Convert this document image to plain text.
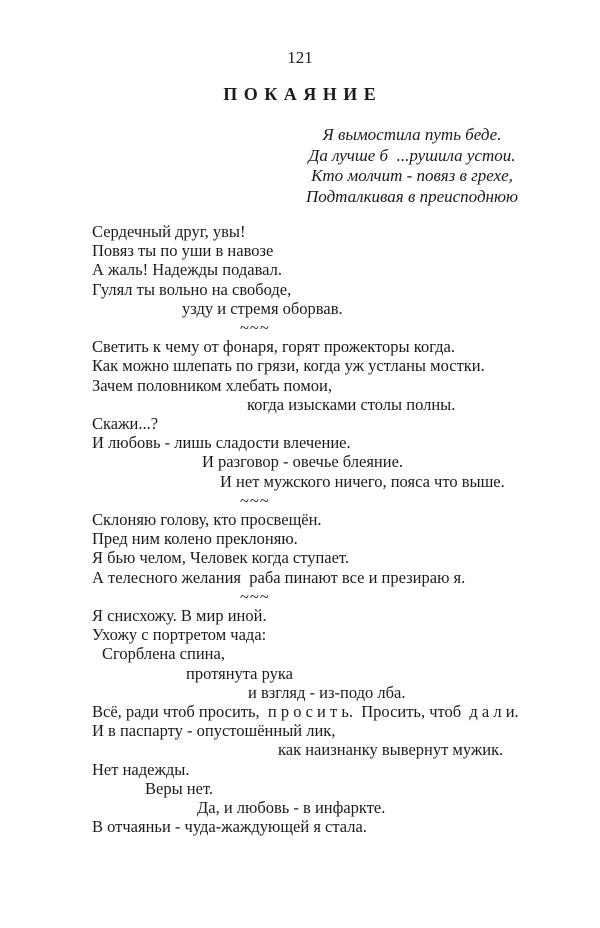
121
П О К А Я Н И Е
Я вымостила путь беде.
Да лучше б  ...рушила устои.
Кто молчит - повяз в грехе,
Подталкивая в преисподнюю
Сердечный друг, увы!
Повяз ты по уши в навозе
А жаль! Надежды подавал.
Гулял ты вольно на свободе,
узду и стремя оборвав.
~~~
Светить к чему от фонаря, горят прожекторы когда.
Как можно шлепать по грязи, когда уж устланы мостки.
Зачем половником хлебать помои,
когда изысками столы полны.
Скажи...?
И любовь - лишь сладости влечение.
И разговор - овечье блеяние.
И нет мужского ничего, пояса что выше.
~~~
Склоняю голову, кто просвещён.
Пред ним колено преклоняю.
Я бью челом, Человек когда ступает.
А телесного желания  раба пинают все и презираю я.
~~~
Я снисхожу. В мир иной.
Ухожу с портретом чада:
Сгорблена спина,
протянута рука
и взгляд - из-подо лба.
Всё, ради чтоб просить,  п р о с и т ь.  Просить, чтоб  д а л и.
И в паспарту - опустошённый лик,
как наизнанку вывернут мужик.
Нет надежды.
Веры нет.
Да, и любовь - в инфаркте.
В отчаяньи - чуда-жаждующей я стала.
